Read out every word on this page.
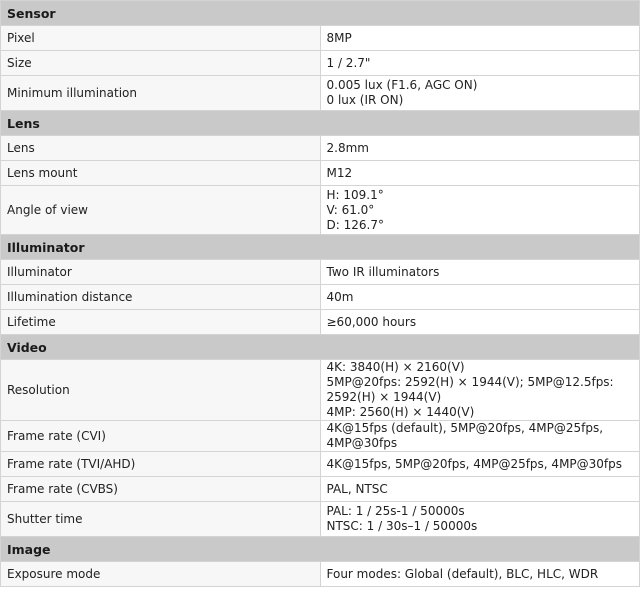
Sensor	
Pixel	8MP

Size	1 / 2.7"

Minimum illumination	0.005 lux (F1.6, AGC ON)
0 lux (IR ON)

Lens	
Lens	2.8mm

Lens mount	M12

Angle of view	H: 109.1°
V: 61.0°
D: 126.7°

Illuminator	
Illuminator	Two IR illuminators

Illumination distance	40m

Lifetime	≥60,000 hours

Video	
Resolution	4K: 3840(H) × 2160(V)
5MP@20fps: 2592(H) × 1944(V); 5MP@12.5fps: 2592(H) × 1944(V)
4MP: 2560(H) × 1440(V)

Frame rate (CVI)	4K@15fps (default), 5MP@20fps, 4MP@25fps, 4MP@30fps

Frame rate (TVI/AHD)	4K@15fps, 5MP@20fps, 4MP@25fps, 4MP@30fps

Frame rate (CVBS)	PAL, NTSC

Shutter time	PAL: 1 / 25s-1 / 50000s
NTSC: 1 / 30s–1 / 50000s

Image	
Exposure mode	Four modes: Global (default), BLC, HLC, WDR
